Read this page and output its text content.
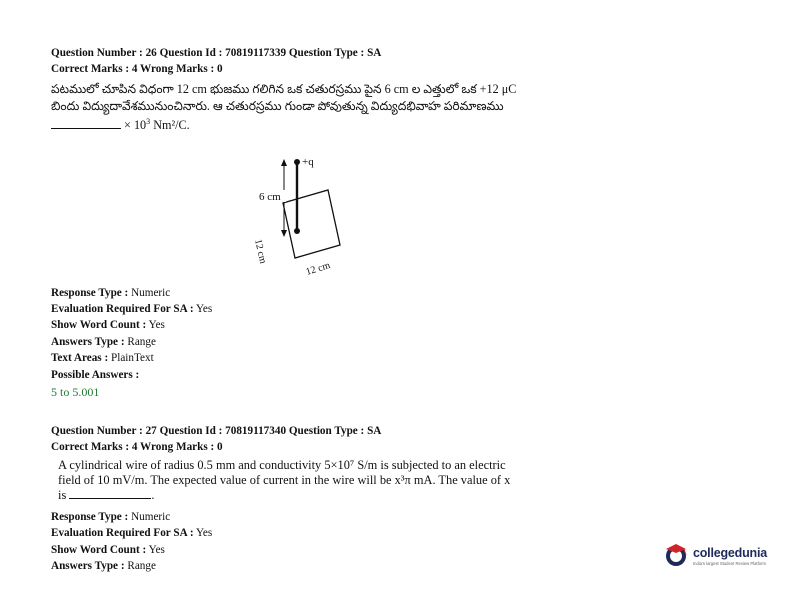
Question Number : 26 Question Id : 70819117339 Question Type : SA
Correct Marks : 4 Wrong Marks : 0
పటములో చూపిన విధంగా 12 cm భుజము గలిగిన ఒక చతురస్రము పైన 6 cm ల ఎత్తులో ఒక +12 μC
బిందు విద్యుదావేశమునుంచినారు. ఆ చతురస్రము గుండా పోవుతున్న విద్యుదభివాహ పరిమాణము
× $10^3$ Nm²/C.
6 cm
+q
12 cm
12 cm
Response Type : Numeric
Evaluation Required For SA : Yes
Show Word Count : Yes
Answers Type : Range
Text Areas : PlainText
Possible Answers :
5 to 5.001
Question Number : 27 Question Id : 70819117340 Question Type : SA
Correct Marks : 4 Wrong Marks : 0
A cylindrical wire of radius 0.5 mm and conductivity 5×10⁷ S/m is subjected to an electric
field of 10 mV/m. The expected value of current in the wire will be x³π mA. The value of x
is	.
Response Type : Numeric
Evaluation Required For SA : Yes
Show Word Count : Yes
Answers Type : Range
collegedunia
India's largest Student Review Platform
